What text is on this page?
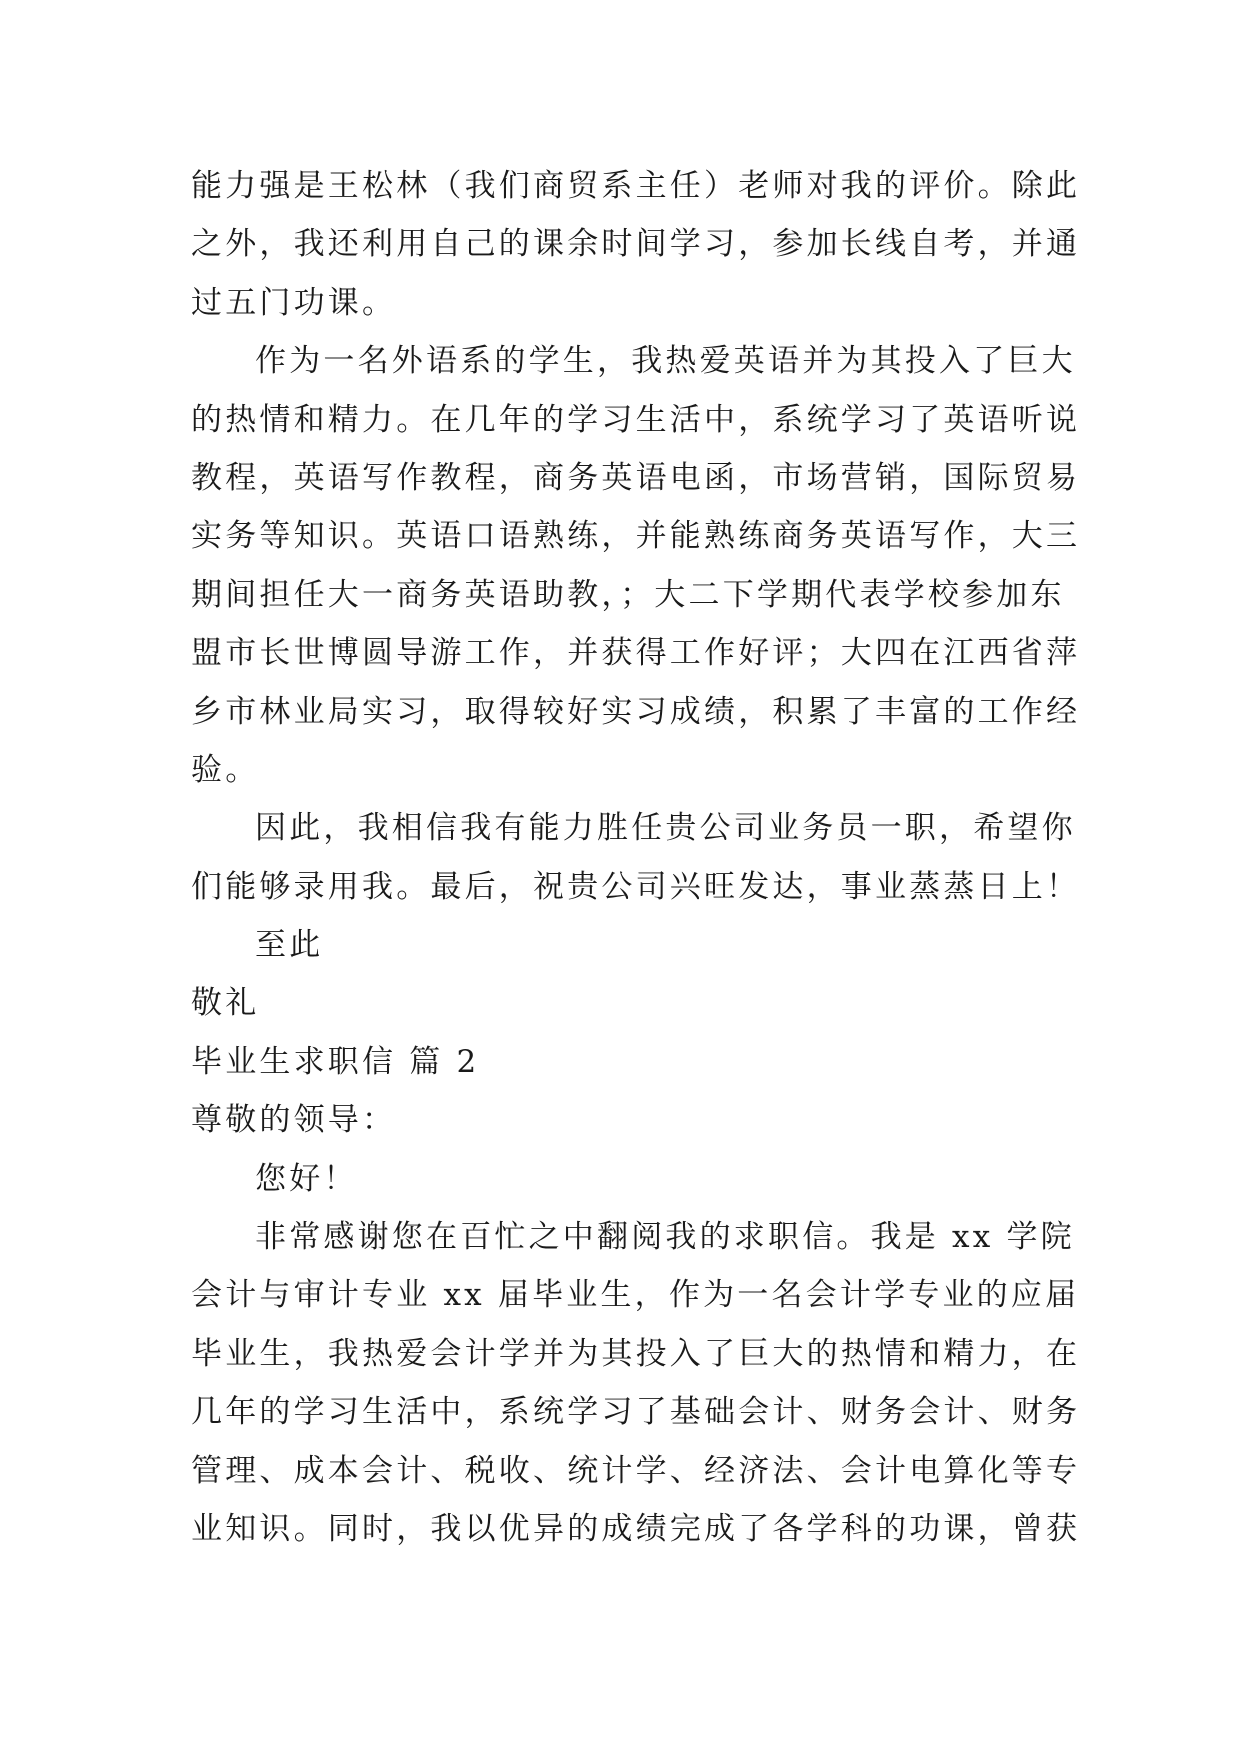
能力强是王松林（我们商贸系主任）老师对我的评价。除此
之外，我还利用自己的课余时间学习，参加长线自考，并通
过五门功课。
作为一名外语系的学生，我热爱英语并为其投入了巨大
的热情和精力。在几年的学习生活中，系统学习了英语听说
教程，英语写作教程，商务英语电函，市场营销，国际贸易
实务等知识。英语口语熟练，并能熟练商务英语写作，大三
期间担任大一商务英语助教，；大二下学期代表学校参加东
盟市长世博圆导游工作，并获得工作好评；大四在江西省萍
乡市林业局实习，取得较好实习成绩，积累了丰富的工作经
验。
因此，我相信我有能力胜任贵公司业务员一职，希望你
们能够录用我。最后，祝贵公司兴旺发达，事业蒸蒸日上！
至此
敬礼
毕业生求职信 篇 2
尊敬的领导：
您好！
非常感谢您在百忙之中翻阅我的求职信。我是 xx 学院
会计与审计专业 xx 届毕业生，作为一名会计学专业的应届
毕业生，我热爱会计学并为其投入了巨大的热情和精力，在
几年的学习生活中，系统学习了基础会计、财务会计、财务
管理、成本会计、税收、统计学、经济法、会计电算化等专
业知识。同时，我以优异的成绩完成了各学科的功课，曾获
